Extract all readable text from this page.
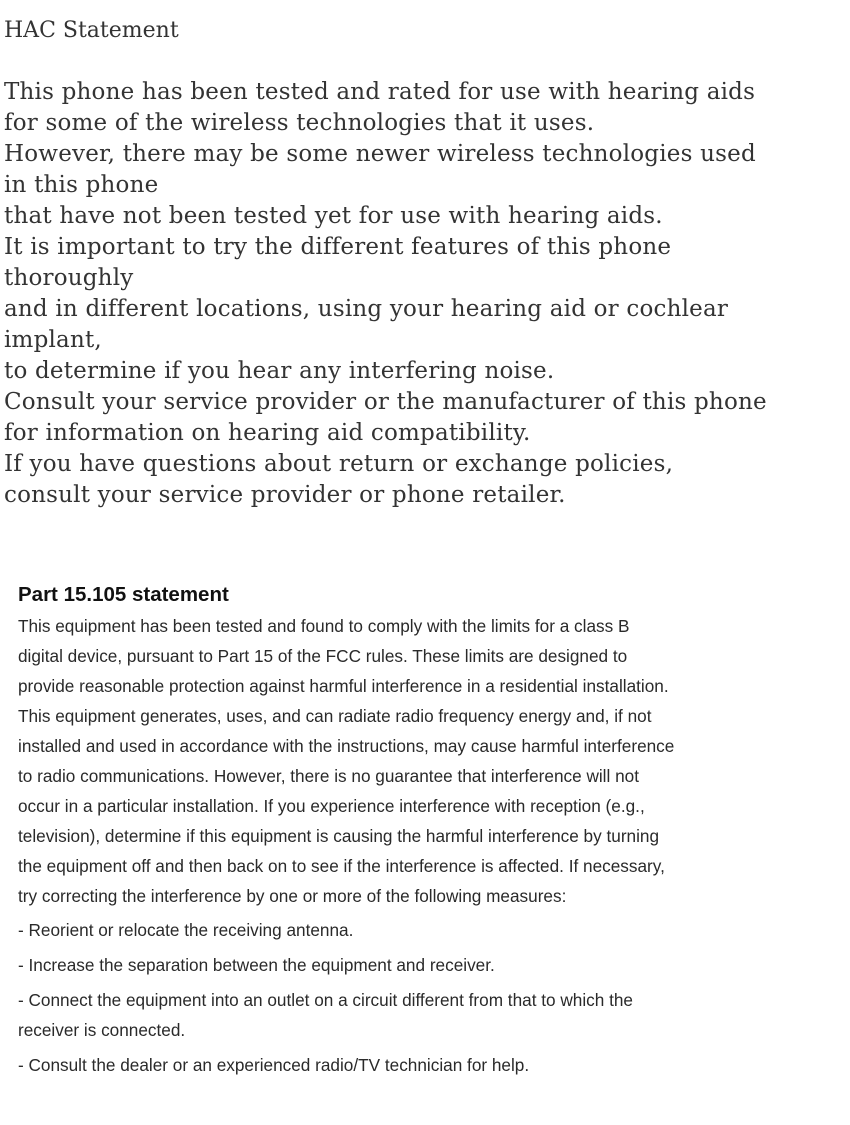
HAC Statement
This phone has been tested and rated for use with hearing aids
for some of the wireless technologies that it uses.
However, there may be some newer wireless technologies used
in this phone
that have not been tested yet for use with hearing aids.
It is important to try the different features of this phone
thoroughly
and in different locations, using your hearing aid or cochlear
implant,
to determine if you hear any interfering noise.
Consult your service provider or the manufacturer of this phone
for information on hearing aid compatibility.
If you have questions about return or exchange policies,
consult your service provider or phone retailer.
Part 15.105 statement
This equipment has been tested and found to comply with the limits for a class B
digital device, pursuant to Part 15 of the FCC rules. These limits are designed to
provide reasonable protection against harmful interference in a residential installation.
This equipment generates, uses, and can radiate radio frequency energy and, if not
installed and used in accordance with the instructions, may cause harmful interference
to radio communications. However, there is no guarantee that interference will not
occur in a particular installation. If you experience interference with reception (e.g.,
television), determine if this equipment is causing the harmful interference by turning
the equipment off and then back on to see if the interference is affected. If necessary,
try correcting the interference by one or more of the following measures:
- Reorient or relocate the receiving antenna.
- Increase the separation between the equipment and receiver.
- Connect the equipment into an outlet on a circuit different from that to which the
receiver is connected.
- Consult the dealer or an experienced radio/TV technician for help.
